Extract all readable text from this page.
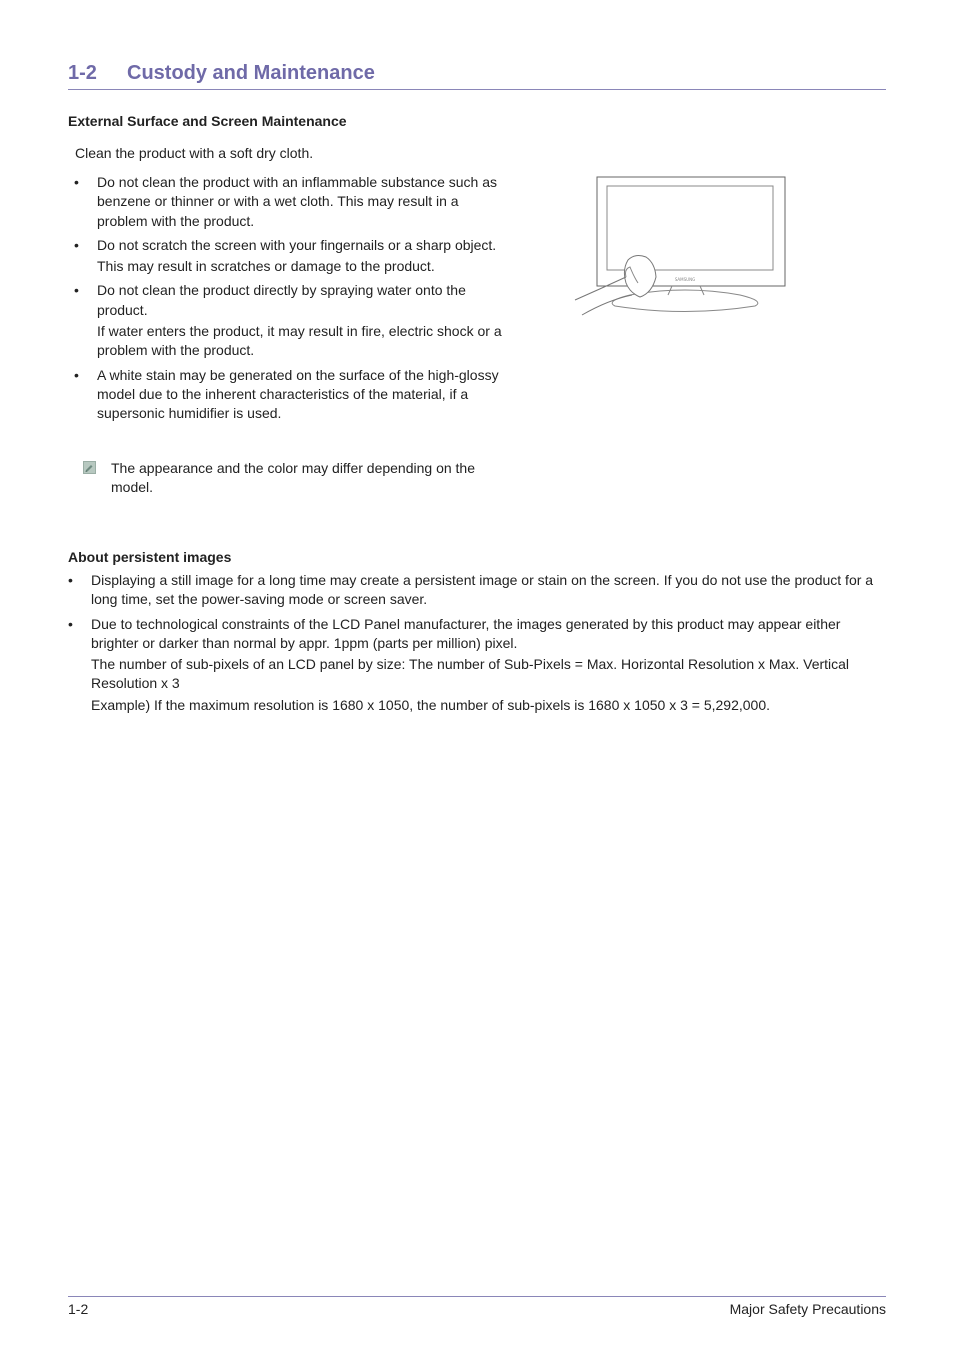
1-2 Custody and Maintenance
External Surface and Screen Maintenance
Clean the product with a soft dry cloth.
• Do not clean the product with an inflammable substance such as benzene or thinner or with a wet cloth. This may result in a problem with the product.

• Do not scratch the screen with your fingernails or a sharp object.

This may result in scratches or damage to the product.

• Do not clean the product directly by spraying water onto the product.

If water enters the product, it may result in fire, electric shock or a problem with the product.

• A white stain may be generated on the surface of the high-glossy model due to the inherent characteristics of the material, if a supersonic humidifier is used.

The appearance and the color may differ depending on the model.
SAMSUNG
About persistent images
• Displaying a still image for a long time may create a persistent image or stain on the screen. If you do not use the product for a long time, set the power-saving mode or screen saver.

• Due to technological constraints of the LCD Panel manufacturer, the images generated by this product may appear either brighter or darker than normal by appr. 1ppm (parts per million) pixel.

The number of sub-pixels of an LCD panel by size: The number of Sub-Pixels = Max. Horizontal Resolution x Max. Vertical Resolution x 3

Example) If the maximum resolution is 1680 x 1050, the number of sub-pixels is 1680 x 1050 x 3 = 5,292,000.

1-2	Major Safety Precautions
